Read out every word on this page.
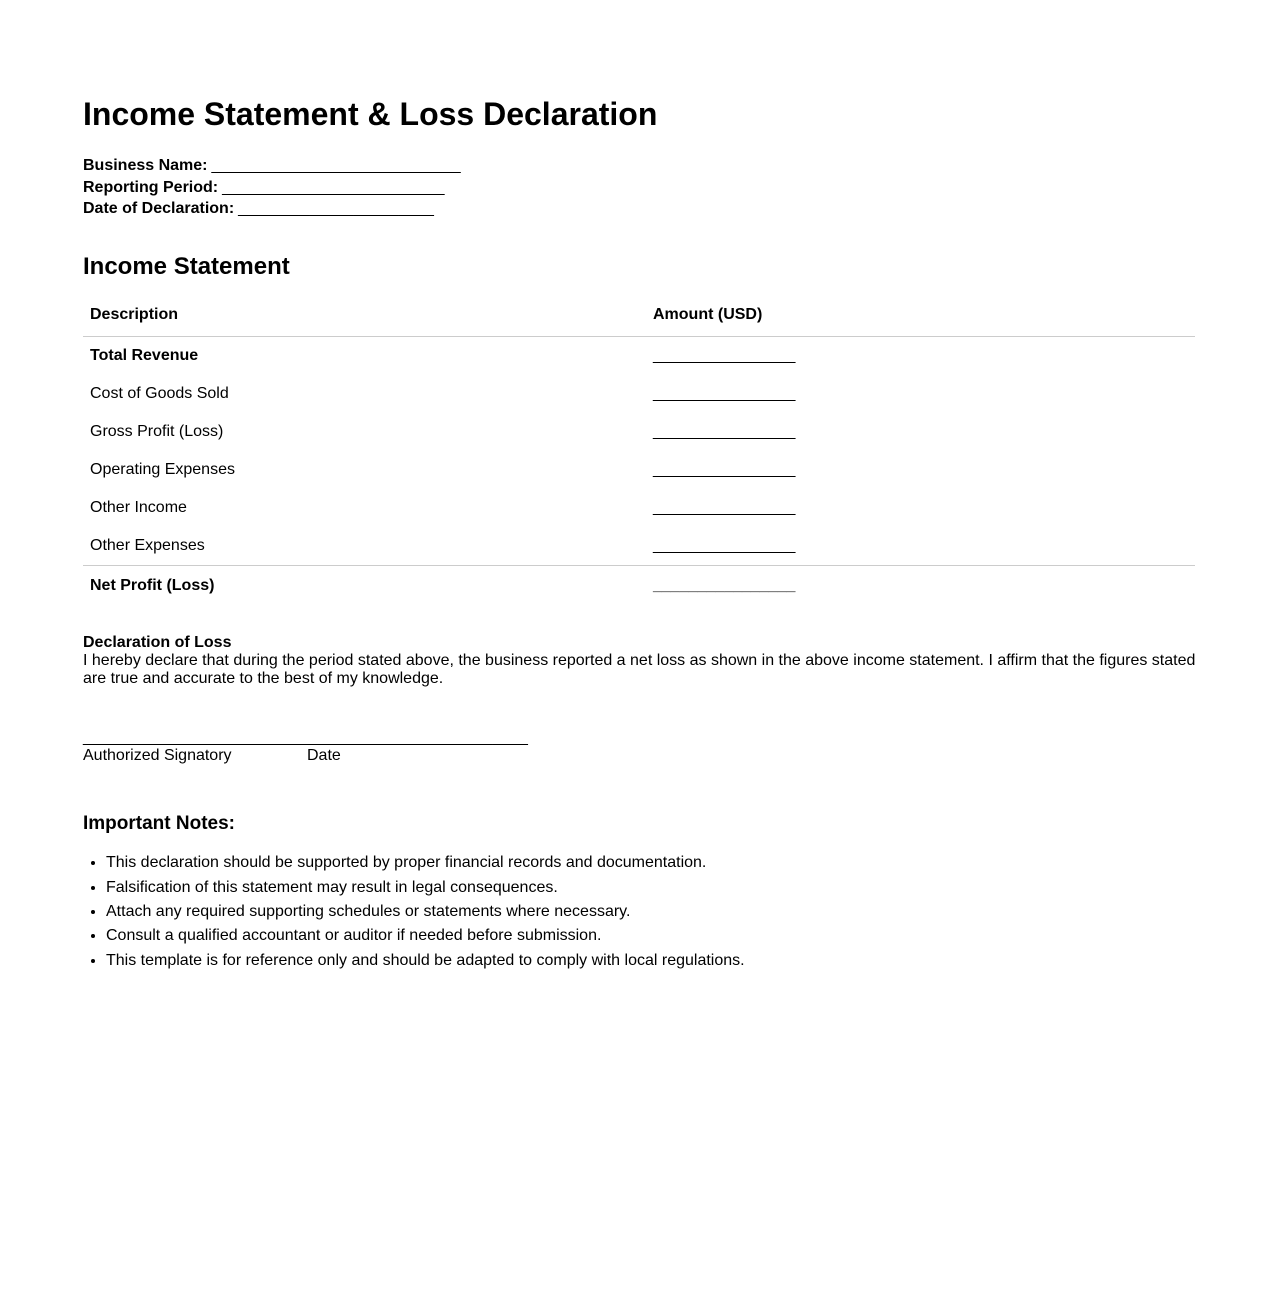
Income Statement & Loss Declaration
Business Name: ____________________________
Reporting Period: _________________________
Date of Declaration: ______________________
Income Statement
Description	Amount (USD)
Total Revenue	________________
Cost of Goods Sold	________________
Gross Profit (Loss)	________________
Operating Expenses	________________
Other Income	________________
Other Expenses	________________
Net Profit (Loss)	________________
Declaration of Loss
I hereby declare that during the period stated above, the business reported a net loss as shown in the above income statement. I affirm that the figures stated are true and accurate to the best of my knowledge.
__________________________________________________
Authorized Signatory	Date
Important Notes:
• This declaration should be supported by proper financial records and documentation.
• Falsification of this statement may result in legal consequences.
• Attach any required supporting schedules or statements where necessary.
• Consult a qualified accountant or auditor if needed before submission.
• This template is for reference only and should be adapted to comply with local regulations.
